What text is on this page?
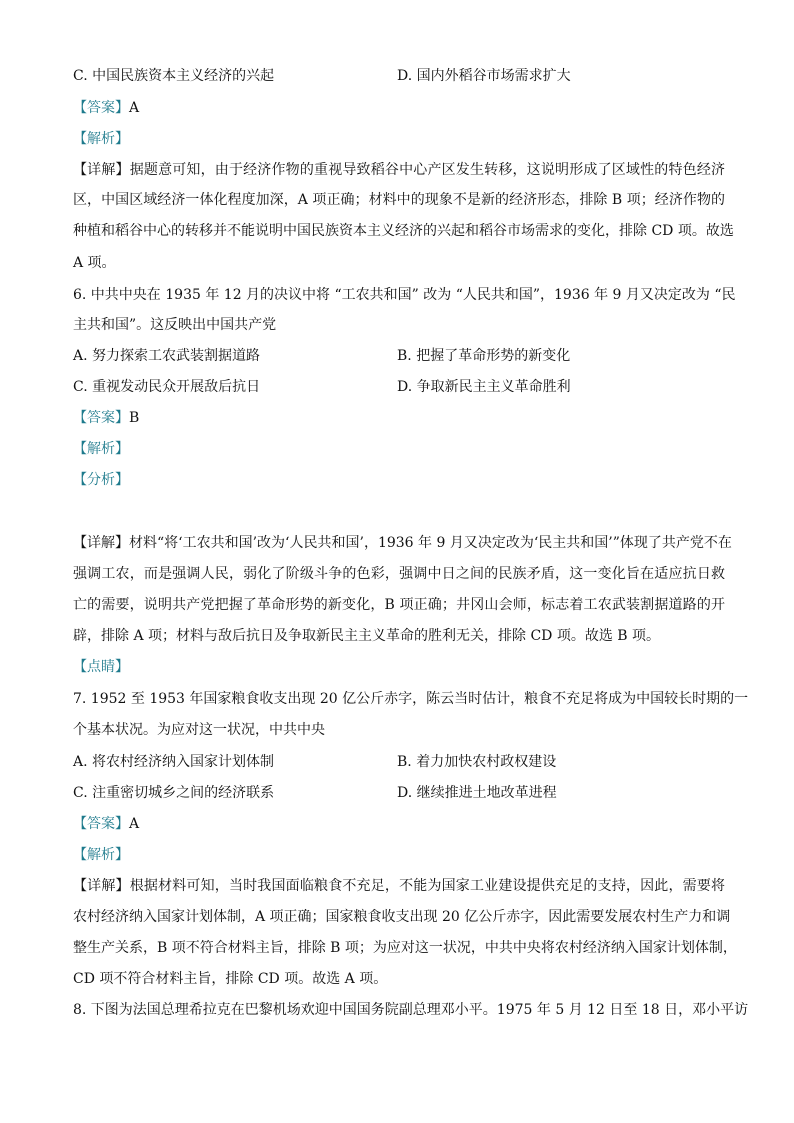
C. 中国民族资本主义经济的兴起	D. 国内外稻谷市场需求扩大
【答案】A
【解析】
【详解】据题意可知，由于经济作物的重视导致稻谷中心产区发生转移，这说明形成了区域性的特色经济
区，中国区域经济一体化程度加深，A 项正确；材料中的现象不是新的经济形态，排除 B 项；经济作物的
种植和稻谷中心的转移并不能说明中国民族资本主义经济的兴起和稻谷市场需求的变化，排除 CD 项。故选
A 项。
6. 中共中央在 1935 年 12 月的决议中将 “工农共和国” 改为 “人民共和国”，1936 年 9 月又决定改为 “民
主共和国”。这反映出中国共产党
A. 努力探索工农武装割据道路	B. 把握了革命形势的新变化
C. 重视发动民众开展敌后抗日	D. 争取新民主主义革命胜利
【答案】B
【解析】
【分析】
【详解】材料“将‘工农共和国’改为‘人民共和国’，1936 年 9 月又决定改为‘民主共和国’”体现了共产党不在
强调工农，而是强调人民，弱化了阶级斗争的色彩，强调中日之间的民族矛盾，这一变化旨在适应抗日救
亡的需要，说明共产党把握了革命形势的新变化，B 项正确；井冈山会师，标志着工农武装割据道路的开
辟，排除 A 项；材料与敌后抗日及争取新民主主义革命的胜利无关，排除 CD 项。故选 B 项。
【点睛】
7. 1952 至 1953 年国家粮食收支出现 20 亿公斤赤字，陈云当时估计，粮食不充足将成为中国较长时期的一
个基本状况。为应对这一状况，中共中央
A. 将农村经济纳入国家计划体制	B. 着力加快农村政权建设
C. 注重密切城乡之间的经济联系	D. 继续推进土地改革进程
【答案】A
【解析】
【详解】根据材料可知，当时我国面临粮食不充足，不能为国家工业建设提供充足的支持，因此，需要将
农村经济纳入国家计划体制，A 项正确；国家粮食收支出现 20 亿公斤赤字，因此需要发展农村生产力和调
整生产关系，B 项不符合材料主旨，排除 B 项；为应对这一状况，中共中央将农村经济纳入国家计划体制，
CD 项不符合材料主旨，排除 CD 项。故选 A 项。
8. 下图为法国总理希拉克在巴黎机场欢迎中国国务院副总理邓小平。1975 年 5 月 12 日至 18 日，邓小平访
